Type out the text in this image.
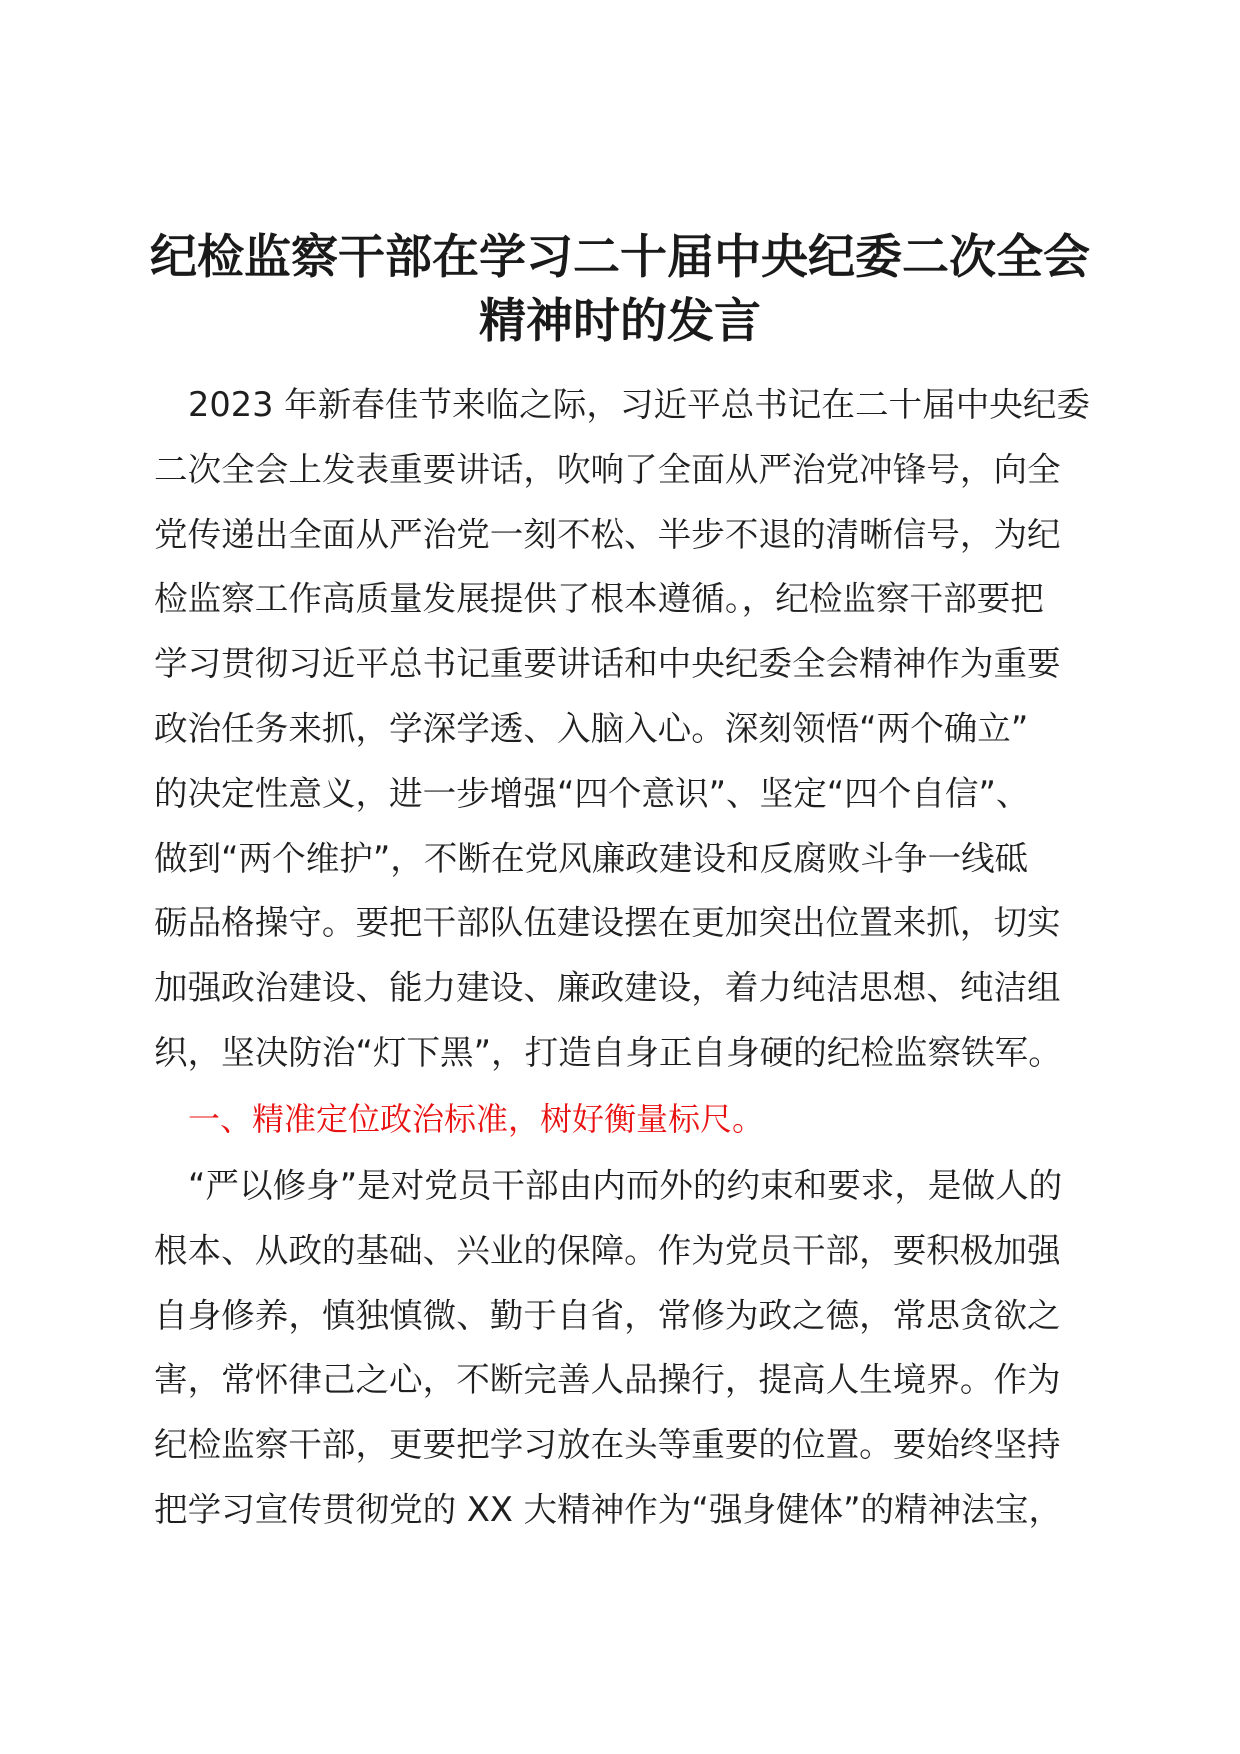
纪检监察干部在学习二十届中央纪委二次全会
精神时的发言
2023 年新春佳节来临之际，习近平总书记在二十届中央纪委
二次全会上发表重要讲话，吹响了全面从严治党冲锋号，向全
党传递出全面从严治党一刻不松、半步不退的清晰信号，为纪
检监察工作高质量发展提供了根本遵循。，纪检监察干部要把
学习贯彻习近平总书记重要讲话和中央纪委全会精神作为重要
政治任务来抓，学深学透、入脑入心。深刻领悟“两个确立”
的决定性意义，进一步增强“四个意识”、坚定“四个自信”、
做到“两个维护”，不断在党风廉政建设和反腐败斗争一线砥
砺品格操守。要把干部队伍建设摆在更加突出位置来抓，切实
加强政治建设、能力建设、廉政建设，着力纯洁思想、纯洁组
织，坚决防治“灯下黑”，打造自身正自身硬的纪检监察铁军。
一、精准定位政治标准，树好衡量标尺。
“严以修身”是对党员干部由内而外的约束和要求，是做人的
根本、从政的基础、兴业的保障。作为党员干部，要积极加强
自身修养，慎独慎微、勤于自省，常修为政之德，常思贪欲之
害，常怀律己之心，不断完善人品操行，提高人生境界。作为
纪检监察干部，更要把学习放在头等重要的位置。要始终坚持
把学习宣传贯彻党的 XX 大精神作为“强身健体”的精神法宝，
